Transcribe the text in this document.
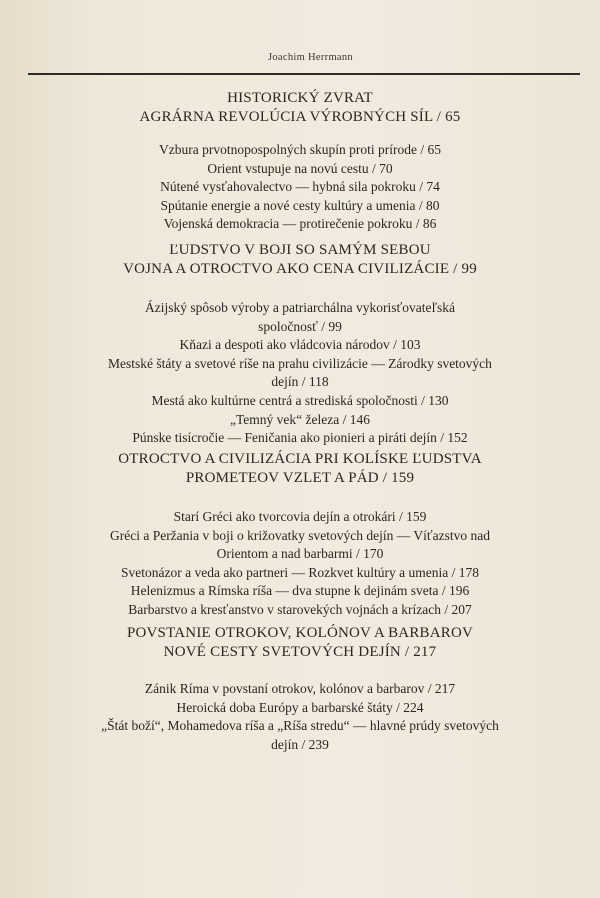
Joachim Herrmann
HISTORICKÝ ZVRAT
AGRÁRNA REVOLÚCIA VÝROBNÝCH SÍL / 65
Vzbura prvotnopospolných skupín proti prírode / 65
Orient vstupuje na novú cestu / 70
Nútené vysťahovalectvo — hybná sila pokroku / 74
Spútanie energie a nové cesty kultúry a umenia / 80
Vojenská demokracia — protirečenie pokroku / 86
ĽUDSTVO V BOJI SO SAMÝM SEBOU
VOJNA A OTROCTVO AKO CENA CIVILIZÁCIE / 99
Ázijský spôsob výroby a patriarchálna vykorisťovateľská
spoločnosť / 99
Kňazi a despoti ako vládcovia národov / 103
Mestské štáty a svetové ríše na prahu civilizácie — Zárodky svetových
dejín / 118
Mestá ako kultúrne centrá a strediská spoločnosti / 130
„Temný vek“ železa / 146
Púnske tisícročie — Feničania ako pionieri a piráti dejín / 152
OTROCTVO A CIVILIZÁCIA PRI KOLÍSKE ĽUDSTVA
PROMETEOV VZLET A PÁD / 159
Starí Gréci ako tvorcovia dejín a otrokári / 159
Gréci a Peržania v boji o križovatky svetových dejín — Víťazstvo nad
Orientom a nad barbarmi / 170
Svetonázor a veda ako partneri — Rozkvet kultúry a umenia / 178
Helenizmus a Rímska ríša — dva stupne k dejinám sveta / 196
Barbarstvo a kresťanstvo v starovekých vojnách a krízach / 207
POVSTANIE OTROKOV, KOLÓNOV A BARBAROV
NOVÉ CESTY SVETOVÝCH DEJÍN / 217
Zánik Ríma v povstaní otrokov, kolónov a barbarov / 217
Heroická doba Európy a barbarské štáty / 224
„Štát boží“, Mohamedova ríša a „Ríša stredu“ — hlavné prúdy svetových
dejín / 239
